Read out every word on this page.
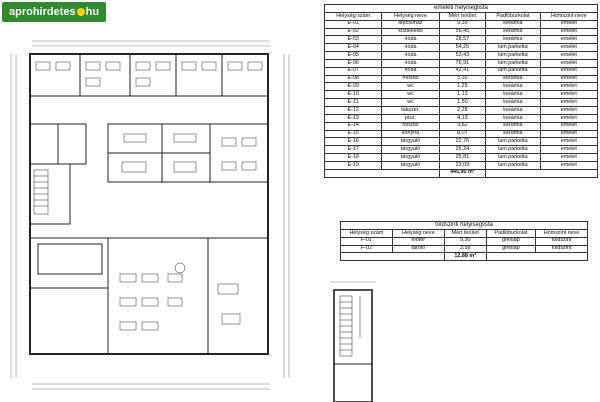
aprohirdetes hu	emeleti helyiséglista				
Helység szám	Helység neve	Mért terület	Padlóburkolat	Homszint neve
E-01	lépcsőház	9,35	kerámia	emelet
E-02	közlekedő	56,45	kerámia	emelet
E-03	iroda	28,57	kerámia	emelet
E-04	iroda	54,25	lam.parketta	emelet
E-05	iroda	53,43	lam.parketta	emelet
E-06	iroda	76,91	lam.parketta	emelet
E-07	iroda	42,41	lam.parketta	emelet
E-08	mosdó	5,35	kerámia	emelet
E-09	wc	1,29	kerámia	emelet
E-10	wc	1,13	kerámia	emelet
E-11	wc	1,50	kerámia	emelet
E-12	takszer.	2,28	kerámia	emelet
E-13	pisz.	4,19	kerámia	emelet
E-14	mosdó	3,82	kerámia	emelet
E-15	konyha	8,07	kerámia	emelet
E-16	tárgyaló	22,76	lam.parketta	emelet
E-17	tárgyaló	25,24	lam.parketta	emelet
E-18	tárgyaló	25,81	lam.parketta	emelet
E-19	tárgyaló	23,09	lam.parketta	emelet
		445,90 m²		
földszinti helyiséglista				
Helység szám	Helység neve	Mért terület	Padlóburkolat	Homszint neve
F-01	előtér	9,30	greslap	földszint
F-02	tároló	3,58	greslap	földszint
		12,88 m²		
